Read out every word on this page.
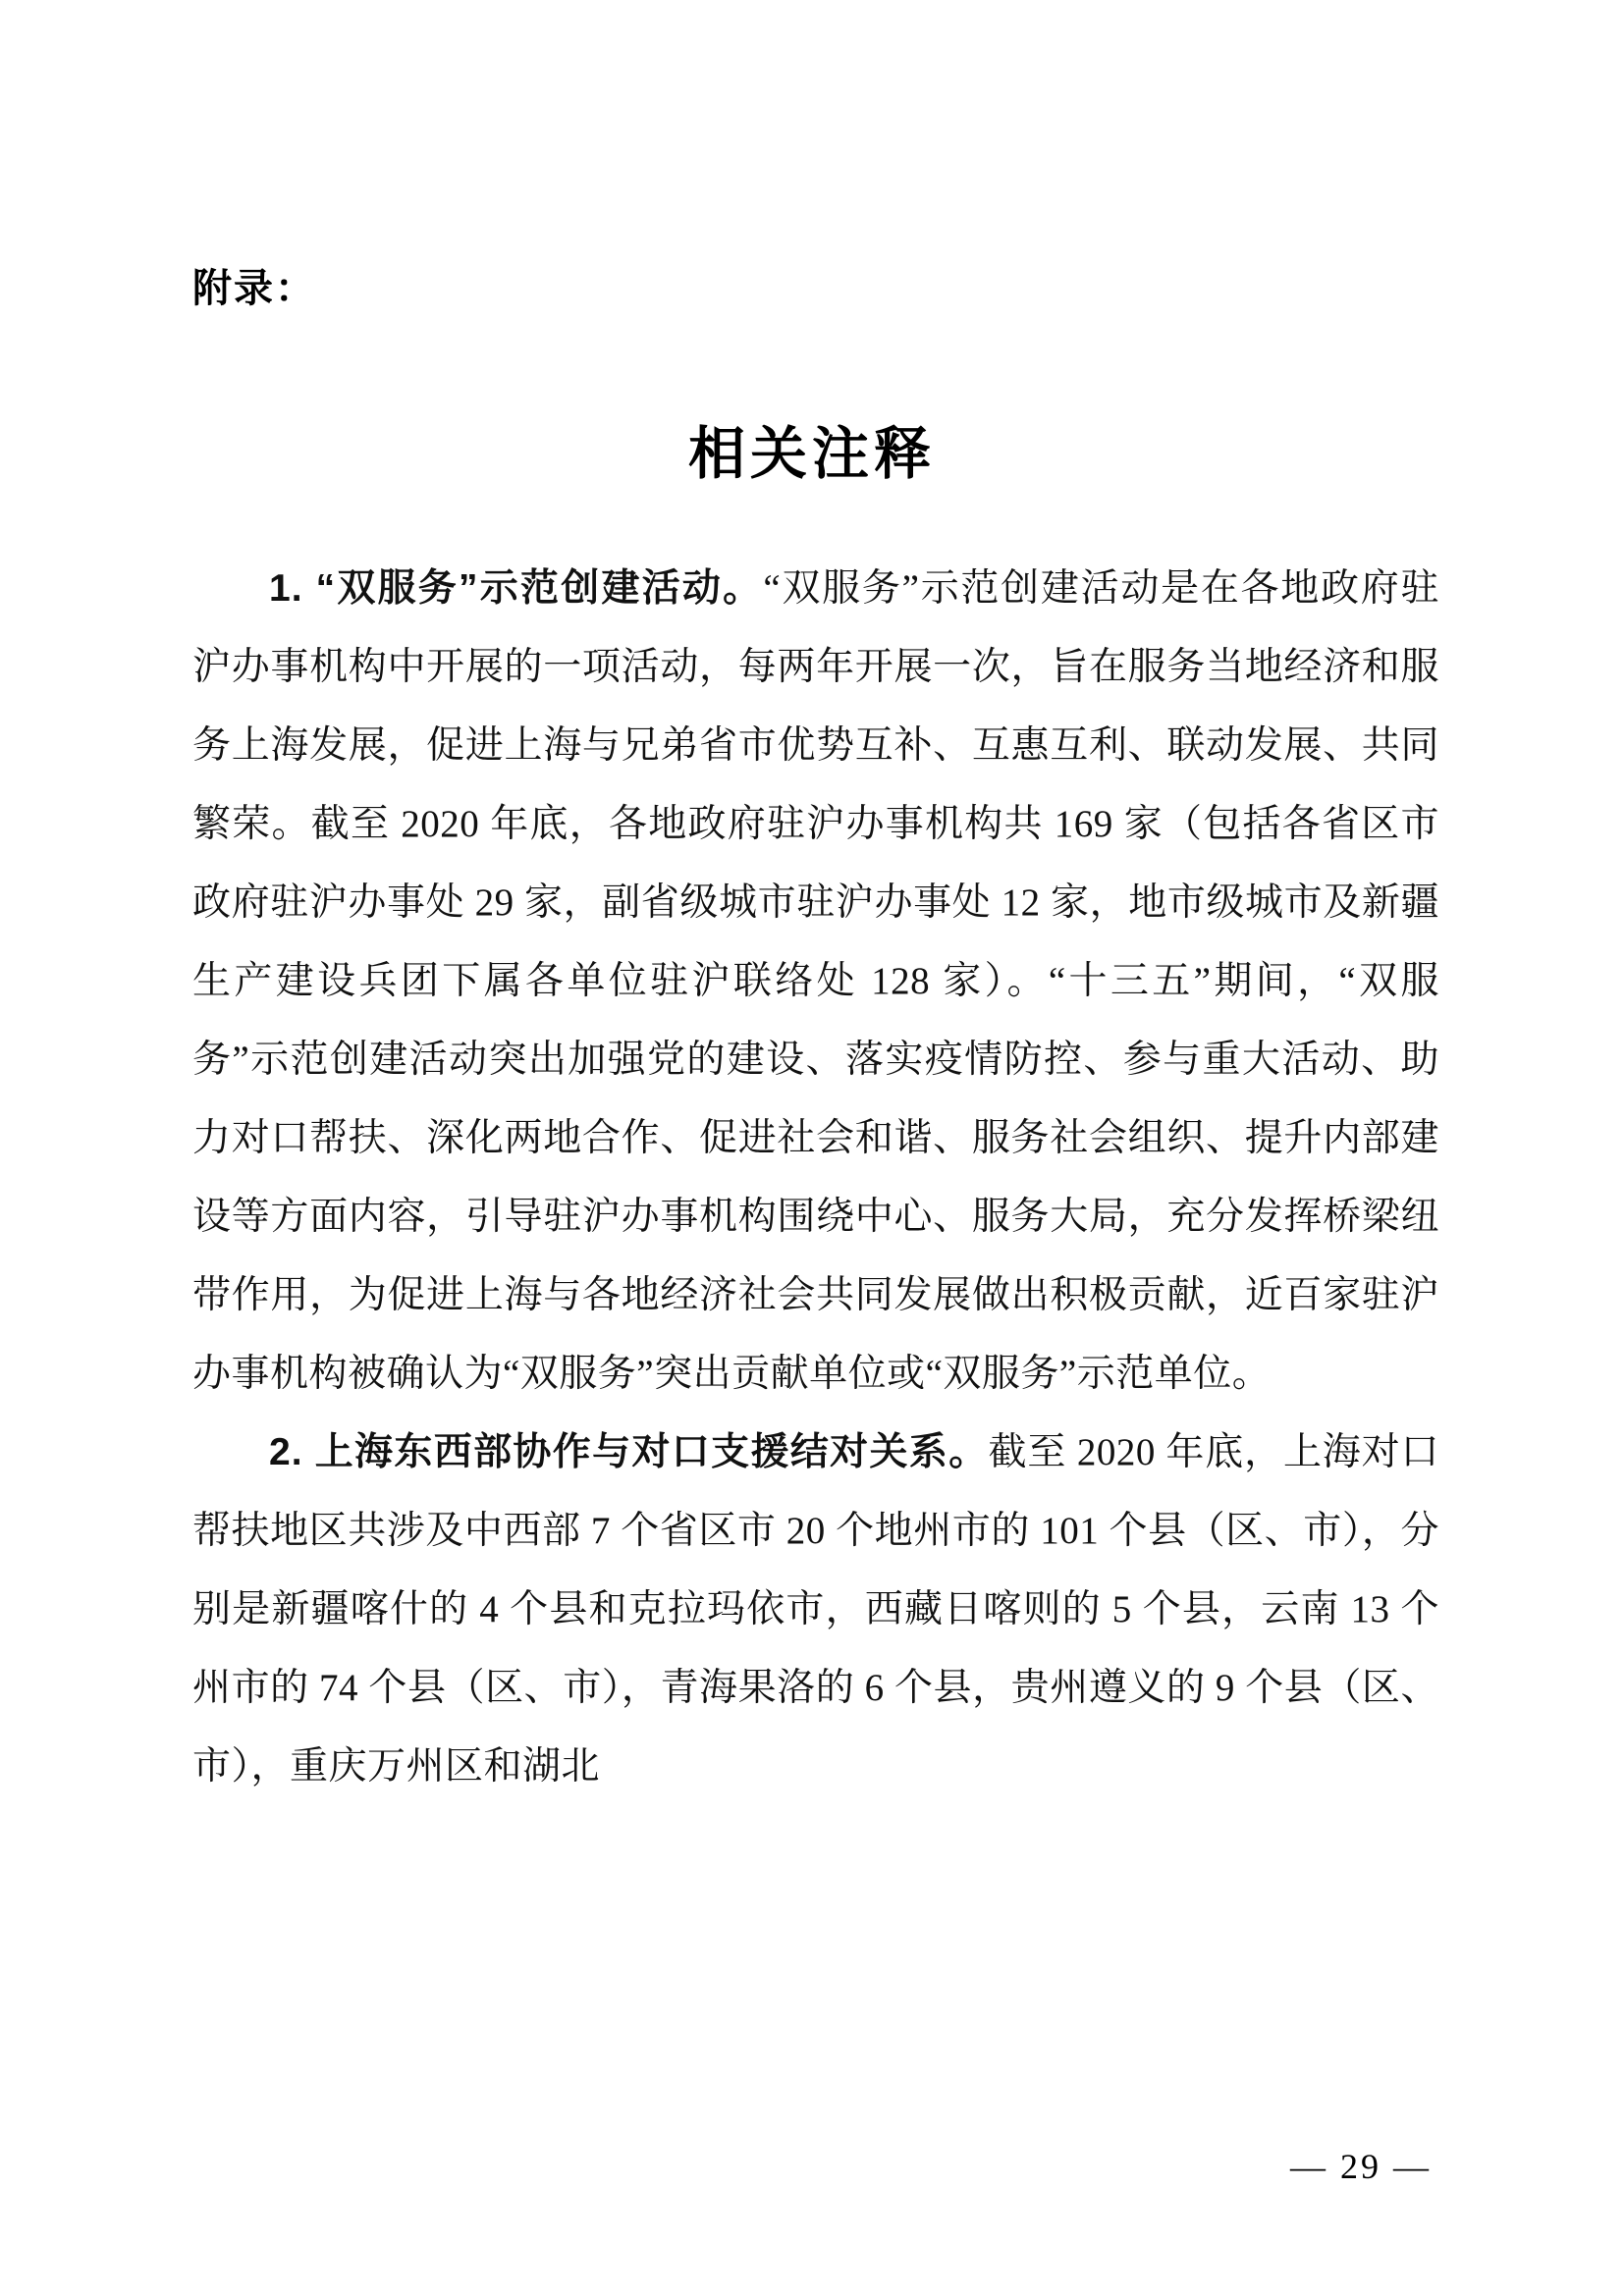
附录：
相关注释

1. “双服务”示范创建活动。“双服务”示范创建活动是在各地政府驻沪办事机构中开展的一项活动，每两年开展一次，旨在服务当地经济和服务上海发展，促进上海与兄弟省市优势互补、互惠互利、联动发展、共同繁荣。截至 2020 年底，各地政府驻沪办事机构共 169 家（包括各省区市政府驻沪办事处 29 家，副省级城市驻沪办事处 12 家，地市级城市及新疆生产建设兵团下属各单位驻沪联络处 128 家）。“十三五”期间，“双服务”示范创建活动突出加强党的建设、落实疫情防控、参与重大活动、助力对口帮扶、深化两地合作、促进社会和谐、服务社会组织、提升内部建设等方面内容，引导驻沪办事机构围绕中心、服务大局，充分发挥桥梁纽带作用，为促进上海与各地经济社会共同发展做出积极贡献，近百家驻沪办事机构被确认为“双服务”突出贡献单位或“双服务”示范单位。

2. 上海东西部协作与对口支援结对关系。截至 2020 年底，上海对口帮扶地区共涉及中西部 7 个省区市 20 个地州市的 101 个县（区、市），分别是新疆喀什的 4 个县和克拉玛依市，西藏日喀则的 5 个县，云南 13 个州市的 74 个县（区、市），青海果洛的 6 个县，贵州遵义的 9 个县（区、市），重庆万州区和湖北

— 29 —
